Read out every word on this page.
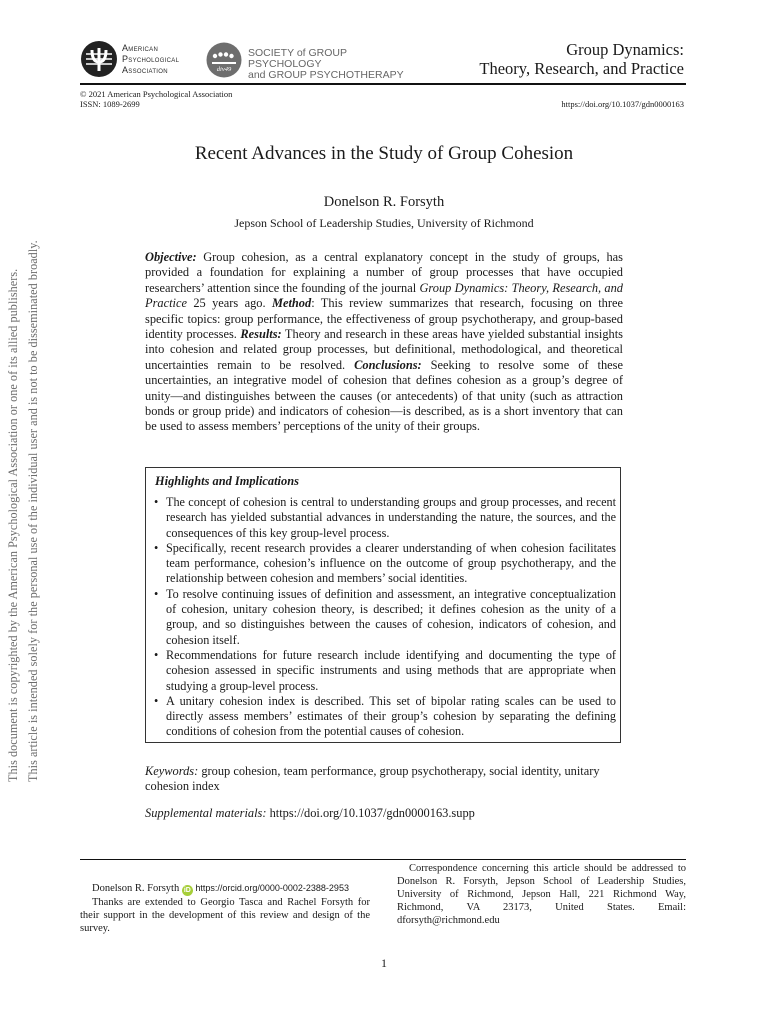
This document is copyrighted by the American Psychological Association or one of its allied publishers. This article is intended solely for the personal use of the individual user and is not to be disseminated broadly.
American
Psychological
Association	div49
SOCIETY of GROUP PSYCHOLOGY
and GROUP PSYCHOTHERAPY
Group Dynamics:
Theory, Research, and Practice
© 2021 American Psychological Association
ISSN: 1089-2699	https://doi.org/10.1037/gdn0000163
Recent Advances in the Study of Group Cohesion
Donelson R. Forsyth
Jepson School of Leadership Studies, University of Richmond
Objective: Group cohesion, as a central explanatory concept in the study of groups, has provided a foundation for explaining a number of group processes that have occupied researchers’ attention since the founding of the journal Group Dynamics: Theory, Research, and Practice 25 years ago. Method: This review summarizes that research, focusing on three specific topics: group performance, the effectiveness of group psychotherapy, and group-based identity processes. Results: Theory and research in these areas have yielded substantial insights into cohesion and related group processes, but definitional, methodological, and theoretical uncertainties remain to be resolved. Conclusions: Seeking to resolve some of these uncertainties, an integrative model of cohesion that defines cohesion as a group’s degree of unity—and distinguishes between the causes (or antecedents) of that unity (such as attraction bonds or group pride) and indicators of cohesion—is described, as is a short inventory that can be used to assess members’ perceptions of the unity of their groups.
Highlights and Implications
• The concept of cohesion is central to understanding groups and group processes, and recent research has yielded substantial advances in understanding the nature, the sources, and the consequences of this key group-level process.
• Specifically, recent research provides a clearer understanding of when cohesion facilitates team performance, cohesion’s influence on the outcome of group psychotherapy, and the relationship between cohesion and members’ social identities.
• To resolve continuing issues of definition and assessment, an integrative conceptualization of cohesion, unitary cohesion theory, is described; it defines cohesion as the unity of a group, and so distinguishes between the causes of cohesion, indicators of cohesion, and cohesion itself.
• Recommendations for future research include identifying and documenting the type of cohesion assessed in specific instruments and using methods that are appropriate when studying a group-level process.
• A unitary cohesion index is described. This set of bipolar rating scales can be used to directly assess members’ estimates of their group’s cohesion by separating the defining conditions of cohesion from the potential causes of cohesion.
Keywords: group cohesion, team performance, group psychotherapy, social identity, unitary cohesion index
Supplemental materials: https://doi.org/10.1037/gdn0000163.supp
Donelson R. Forsyth iD https://orcid.org/0000-0002-2388-2953
Thanks are extended to Georgio Tasca and Rachel Forsyth for their support in the development of this review and design of the survey.
Correspondence concerning this article should be addressed to Donelson R. Forsyth, Jepson School of Leadership Studies, University of Richmond, Jepson Hall, 221 Richmond Way, Richmond, VA 23173, United States. Email: dforsyth@richmond.edu
1
